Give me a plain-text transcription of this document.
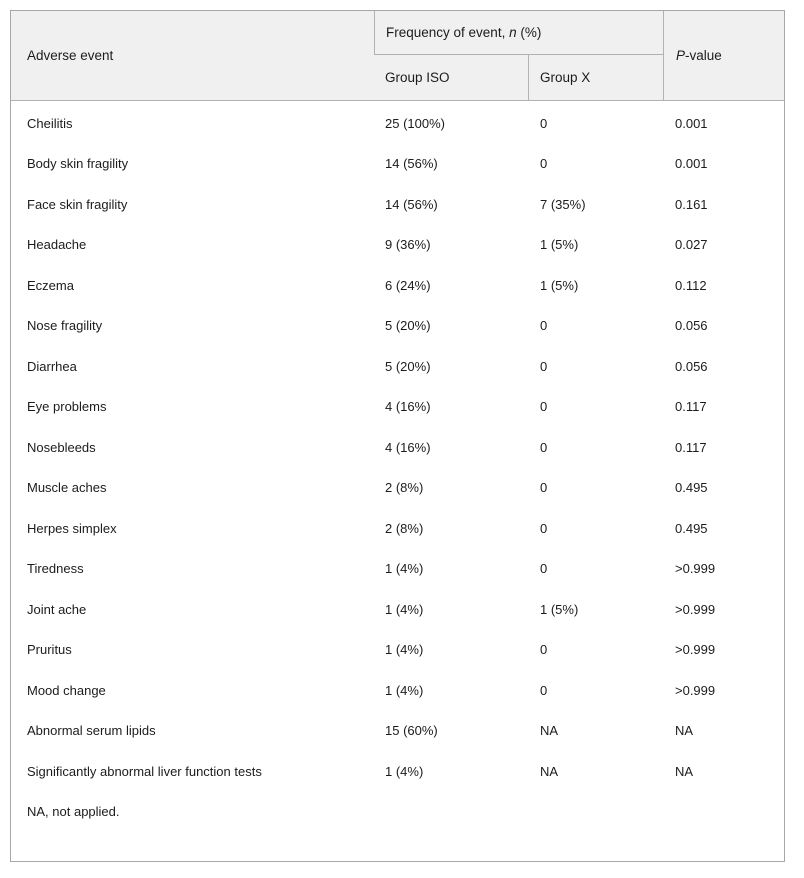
Adverse event
Frequency of event, n (%)
Group ISO	Group X
P-value
Cheilitis	25 (100%)	0	0.001
Body skin fragility	14 (56%)	0	0.001
Face skin fragility	14 (56%)	7 (35%)	0.161
Headache	9 (36%)	1 (5%)	0.027
Eczema	6 (24%)	1 (5%)	0.112
Nose fragility	5 (20%)	0	0.056
Diarrhea	5 (20%)	0	0.056
Eye problems	4 (16%)	0	0.117
Nosebleeds	4 (16%)	0	0.117
Muscle aches	2 (8%)	0	0.495
Herpes simplex	2 (8%)	0	0.495
Tiredness	1 (4%)	0	>0.999
Joint ache	1 (4%)	1 (5%)	>0.999
Pruritus	1 (4%)	0	>0.999
Mood change	1 (4%)	0	>0.999
Abnormal serum lipids	15 (60%)	NA	NA
Significantly abnormal liver function tests	1 (4%)	NA	NA
NA, not applied.
